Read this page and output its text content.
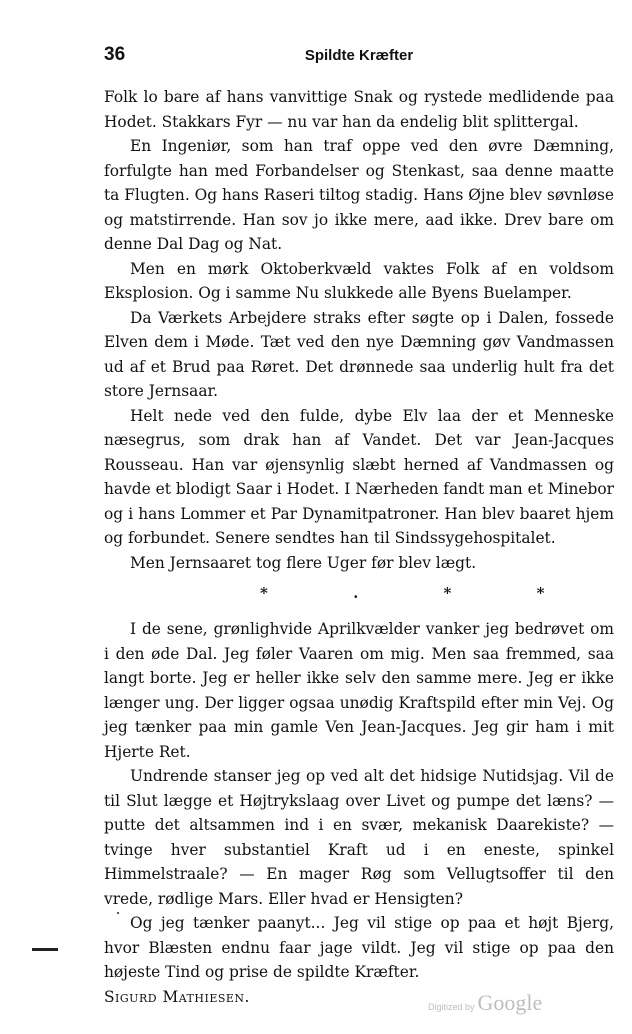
36	Spildte Kræfter

Folk lo bare af hans vanvittige Snak og rystede medlidende paa Hodet. Stakkars Fyr — nu var han da endelig blit splittergal.

En Ingeniør, som han traf oppe ved den øvre Dæmning, forfulgte han med Forbandelser og Stenkast, saa denne maatte ta Flugten. Og hans Raseri tiltog stadig. Hans Øjne blev søvnløse og matstirrende. Han sov jo ikke mere, aad ikke. Drev bare om denne Dal Dag og Nat.

Men en mørk Oktoberkvæld vaktes Folk af en voldsom Eksplosion. Og i samme Nu slukkede alle Byens Buelamper.

Da Værkets Arbejdere straks efter søgte op i Dalen, fossede Elven dem i Møde. Tæt ved den nye Dæmning gøv Vandmassen ud af et Brud paa Røret. Det drønnede saa underlig hult fra det store Jernsaar.

Helt nede ved den fulde, dybe Elv laa der et Menneske næsegrus, som drak han af Vandet. Det var Jean-Jacques Rousseau. Han var øjensynlig slæbt herned af Vandmassen og havde et blodigt Saar i Hodet. I Nærheden fandt man et Minebor og i hans Lommer et Par Dynamitpatroner. Han blev baaret hjem og forbundet. Senere sendtes han til Sindssygehospitalet.

Men Jernsaaret tog flere Uger før blev lægt.

* . * *

I de sene, grønlighvide Aprilkvælder vanker jeg bedrøvet om i den øde Dal. Jeg føler Vaaren om mig. Men saa fremmed, saa langt borte. Jeg er heller ikke selv den samme mere. Jeg er ikke længer ung. Der ligger ogsaa unødig Kraftspild efter min Vej. Og jeg tænker paa min gamle Ven Jean-Jacques. Jeg gir ham i mit Hjerte Ret.

Undrende stanser jeg op ved alt det hidsige Nutidsjag. Vil de til Slut lægge et Højtrykslaag over Livet og pumpe det læns? — putte det altsammen ind i en svær, mekanisk Daarekiste? — tvinge hver substantiel Kraft ud i en eneste, spinkel Himmelstraale? — En mager Røg som Vellugtsoffer til den vrede, rødlige Mars. Eller hvad er Hensigten?

Og jeg tænker paanyt... Jeg vil stige op paa et højt Bjerg, hvor Blæsten endnu faar jage vildt. Jeg vil stige op paa den højeste Tind og prise de spildte Kræfter.

Sigurd Mathiesen.

Digitized by Google
